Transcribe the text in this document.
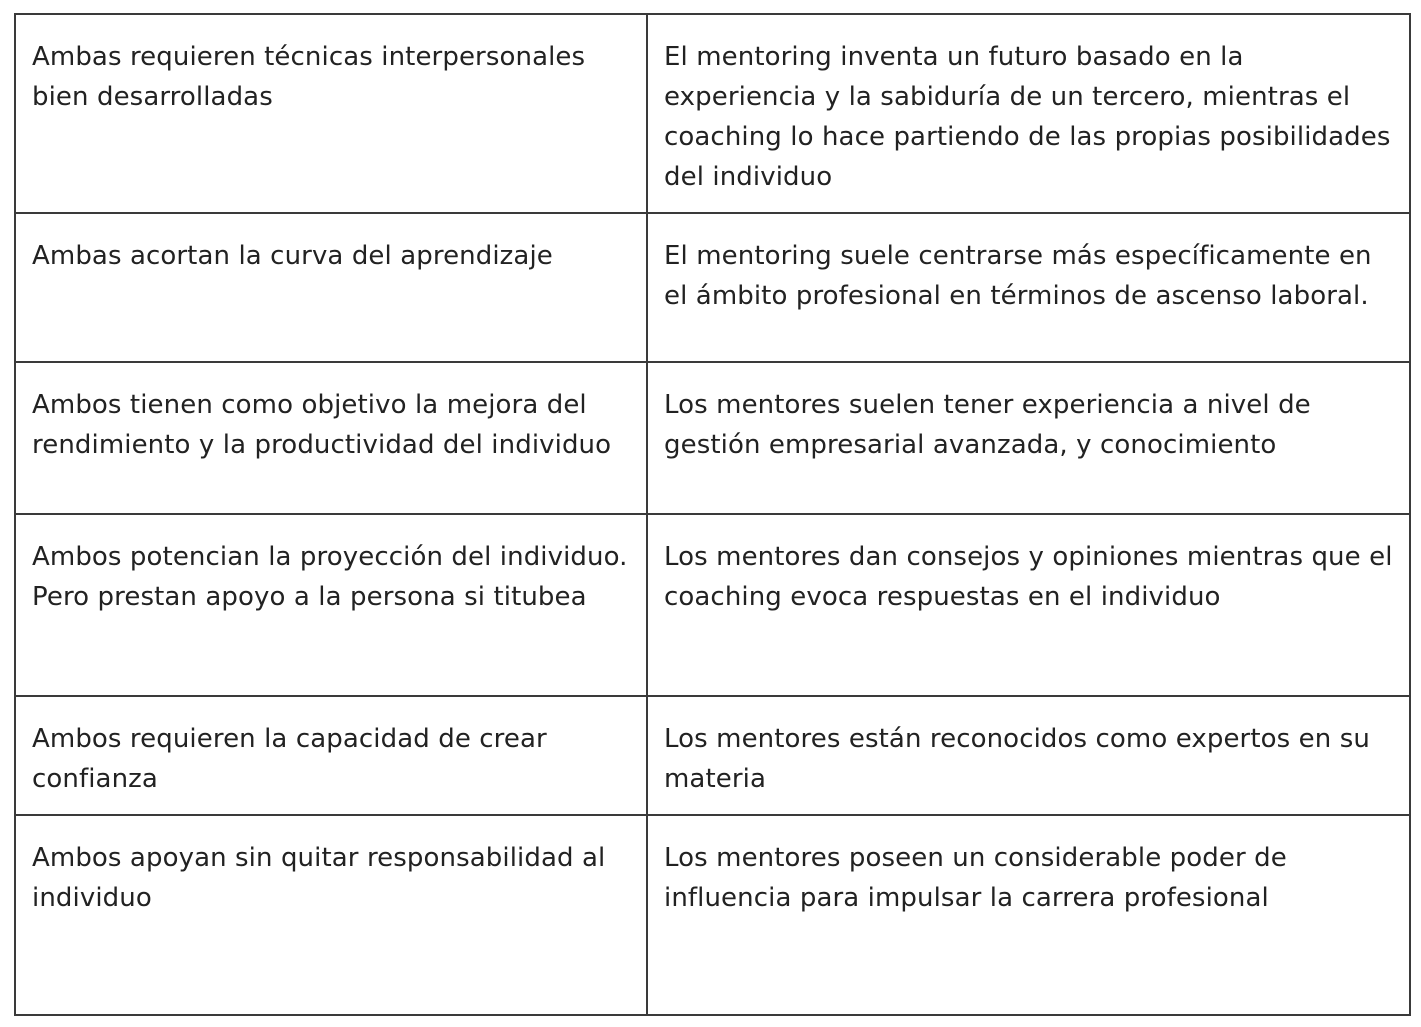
Ambas requieren técnicas interpersonales bien desarrolladas	El mentoring inventa un futuro basado en la experiencia y la sabiduría de un tercero, mientras el coaching lo hace partiendo de las propias posibilidades del individuo
Ambas acortan la curva del aprendizaje	El mentoring suele centrarse más específicamente en el ámbito profesional en términos de ascenso laboral.
Ambos tienen como objetivo la mejora del rendimiento y la productividad del individuo	Los mentores suelen tener experiencia a nivel de gestión empresarial avanzada, y conocimiento
Ambos potencian la proyección del individuo. Pero prestan apoyo a la persona si titubea	Los mentores dan consejos y opiniones mientras que el coaching evoca respuestas en el individuo
Ambos requieren la capacidad de crear confianza	Los mentores están reconocidos como expertos en su materia
Ambos apoyan sin quitar responsabilidad al individuo	Los mentores poseen un considerable poder de influencia para impulsar la carrera profesional
